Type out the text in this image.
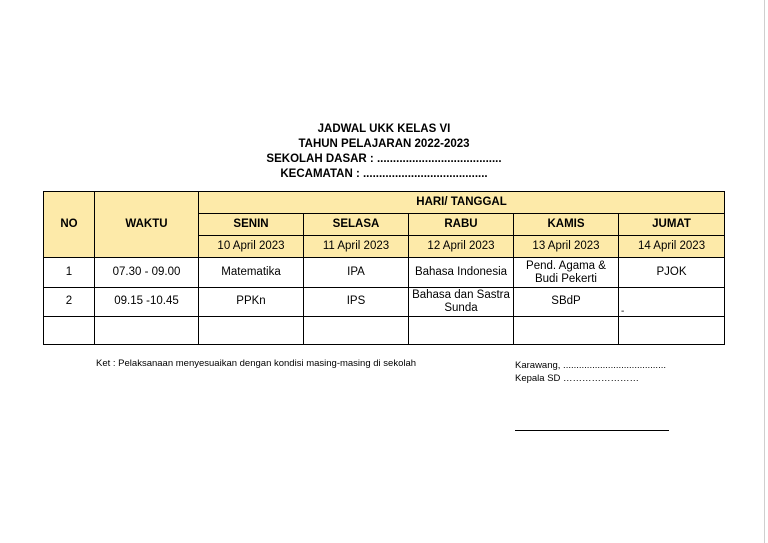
JADWAL UKK KELAS VI
TAHUN PELAJARAN 2022-2023
SEKOLAH DASAR : .......................................
KECAMATAN : .......................................
NO	WAKTU	HARI/ TANGGAL				
		SENIN	SELASA	RABU	KAMIS	JUMAT
		10 April 2023	11 April 2023	12 April 2023	13 April 2023	14 April 2023
1	07.30 - 09.00	Matematika	IPA	Bahasa Indonesia	Pend. Agama & Budi Pekerti	PJOK
2	09.15 -10.45	PPKn	IPS	Bahasa dan Sastra Sunda	SBdP	

-
Ket : Pelaksanaan menyesuaikan dengan kondisi masing-masing di sekolah	Karawang, .......................................
Kepala SD ……………………
